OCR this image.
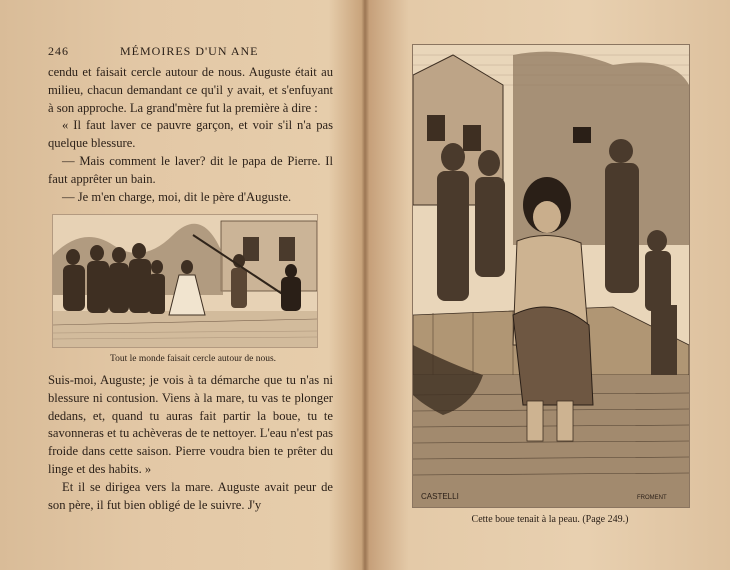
246	MÉMOIRES D'UN ANE

cendu et faisait cercle autour de nous. Auguste était au milieu, chacun demandant ce qu'il y avait, et s'enfuyant à son approche. La grand'mère fut la première à dire :

« Il faut laver ce pauvre garçon, et voir s'il n'a pas quelque blessure.

— Mais comment le laver? dit le papa de Pierre. Il faut apprêter un bain.

— Je m'en charge, moi, dit le père d'Auguste.

Tout le monde faisait cercle autour de nous.

Suis-moi, Auguste; je vois à ta démarche que tu n'as ni blessure ni contusion. Viens à la mare, tu vas te plonger dedans, et, quand tu auras fait partir la boue, tu te savonneras et tu achèveras de te nettoyer. L'eau n'est pas froide dans cette saison. Pierre voudra bien te prêter du linge et des habits. »

Et il se dirigea vers la mare. Auguste avait peur de son père, il fut bien obligé de le suivre. J'y

CASTELLI	FROMENT
Cette boue tenait à la peau. (Page 249.)
